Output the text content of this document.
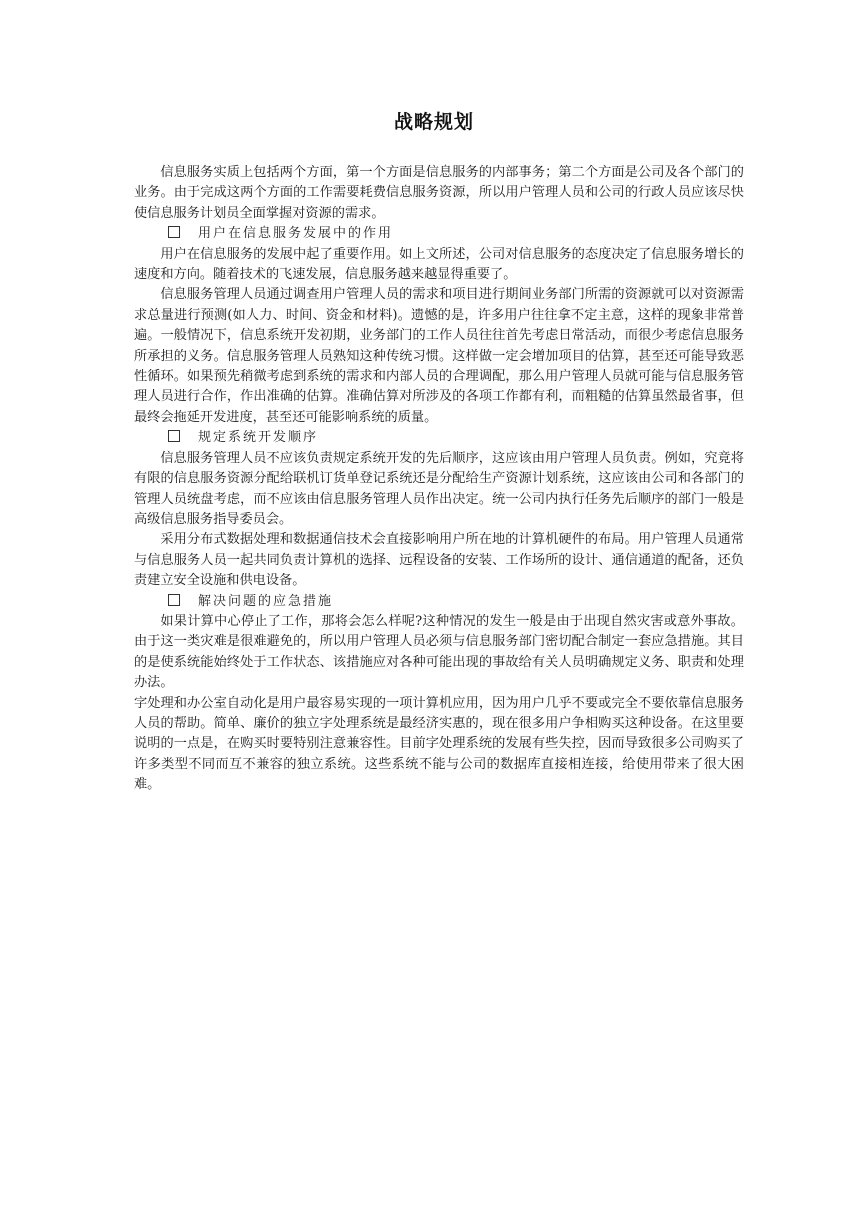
战略规划

信息服务实质上包括两个方面，第一个方面是信息服务的内部事务；第二个方面是公司及各个部门的业务。由于完成这两个方面的工作需要耗费信息服务资源，所以用户管理人员和公司的行政人员应该尽快使信息服务计划员全面掌握对资源的需求。

用户在信息服务发展中的作用

用户在信息服务的发展中起了重要作用。如上文所述，公司对信息服务的态度决定了信息服务增长的速度和方向。随着技术的飞速发展，信息服务越来越显得重要了。

信息服务管理人员通过调查用户管理人员的需求和项目进行期间业务部门所需的资源就可以对资源需求总量进行预测(如人力、时间、资金和材料)。遗憾的是，许多用户往往拿不定主意，这样的现象非常普遍。一般情况下，信息系统开发初期，业务部门的工作人员往往首先考虑日常活动，而很少考虑信息服务所承担的义务。信息服务管理人员熟知这种传统习惯。这样做一定会增加项目的估算，甚至还可能导致恶性循环。如果预先稍微考虑到系统的需求和内部人员的合理调配，那么用户管理人员就可能与信息服务管理人员进行合作，作出准确的估算。准确估算对所涉及的各项工作都有利，而粗糙的估算虽然最省事，但最终会拖延开发进度，甚至还可能影响系统的质量。

规定系统开发顺序

信息服务管理人员不应该负责规定系统开发的先后顺序，这应该由用户管理人员负责。例如，究竟将有限的信息服务资源分配给联机订货单登记系统还是分配给生产资源计划系统，这应该由公司和各部门的管理人员统盘考虑，而不应该由信息服务管理人员作出决定。统一公司内执行任务先后顺序的部门一般是高级信息服务指导委员会。

采用分布式数据处理和数据通信技术会直接影响用户所在地的计算机硬件的布局。用户管理人员通常与信息服务人员一起共同负责计算机的选择、远程设备的安装、工作场所的设计、通信通道的配备，还负责建立安全设施和供电设备。

解决问题的应急措施

如果计算中心停止了工作，那将会怎么样呢?这种情况的发生一般是由于出现自然灾害或意外事故。由于这一类灾难是很难避免的，所以用户管理人员必须与信息服务部门密切配合制定一套应急措施。其目的是使系统能始终处于工作状态、该措施应对各种可能出现的事故给有关人员明确规定义务、职责和处理办法。

字处理和办公室自动化是用户最容易实现的一项计算机应用，因为用户几乎不要或完全不要依靠信息服务人员的帮助。简单、廉价的独立字处理系统是最经济实惠的，现在很多用户争相购买这种设备。在这里要说明的一点是，在购买时要特别注意兼容性。目前字处理系统的发展有些失控，因而导致很多公司购买了许多类型不同而互不兼容的独立系统。这些系统不能与公司的数据库直接相连接，给使用带来了很大困难。
